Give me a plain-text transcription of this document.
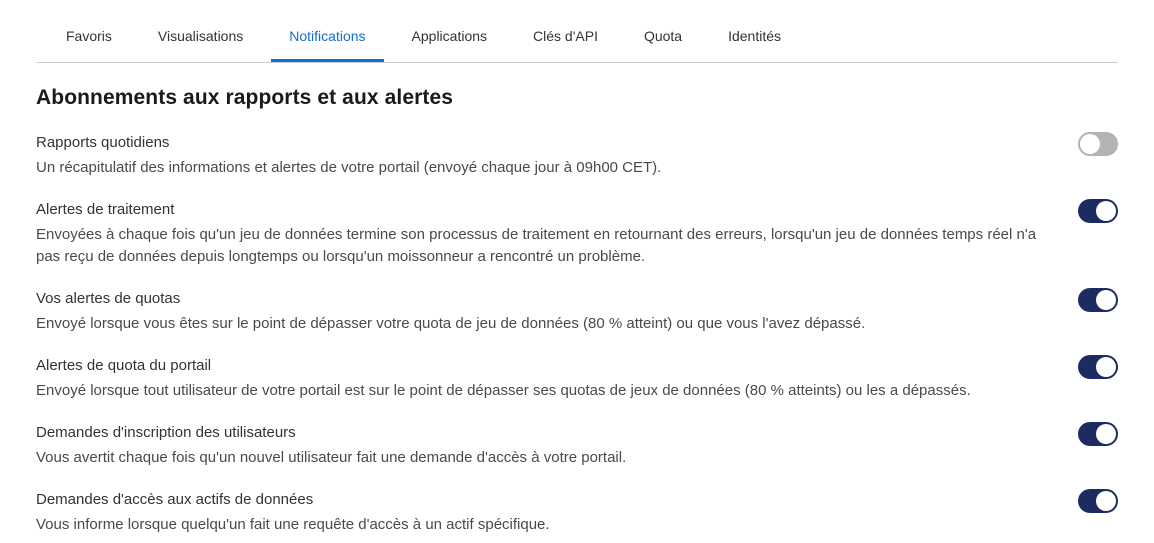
Favoris	Visualisations	Notifications	Applications	Clés d'API	Quota	Identités
Abonnements aux rapports et aux alertes
Rapports quotidiens
Un récapitulatif des informations et alertes de votre portail (envoyé chaque jour à 09h00 CET).
Alertes de traitement
Envoyées à chaque fois qu'un jeu de données termine son processus de traitement en retournant des erreurs, lorsqu'un jeu de données temps réel n'a pas reçu de données depuis longtemps ou lorsqu'un moissonneur a rencontré un problème.
Vos alertes de quotas
Envoyé lorsque vous êtes sur le point de dépasser votre quota de jeu de données (80 % atteint) ou que vous l'avez dépassé.
Alertes de quota du portail
Envoyé lorsque tout utilisateur de votre portail est sur le point de dépasser ses quotas de jeux de données (80 % atteints) ou les a dépassés.
Demandes d'inscription des utilisateurs
Vous avertit chaque fois qu'un nouvel utilisateur fait une demande d'accès à votre portail.
Demandes d'accès aux actifs de données
Vous informe lorsque quelqu'un fait une requête d'accès à un actif spécifique.
